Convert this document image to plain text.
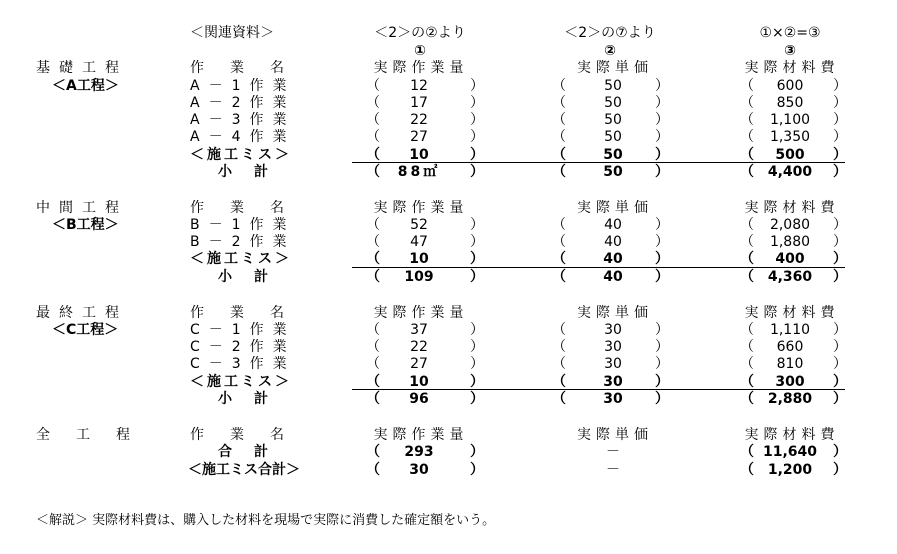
＜関連資料＞	＜2＞の②より	＜2＞の⑦より	①×②=③
①	②	③
基礎工程
＜A工程＞
作業名	実際作業量	実際単価	実際材料費
A－1作業	（	12	）	（	50	）	（	600	）
A－2作業	（	17	）	（	50	）	（	850	）
A－3作業	（	22	）	（	50	）	（	1,100	）
A－4作業	（	27	）	（	50	）	（	1,350	）
＜施工ミス＞	（	10	）	（	50	）	（	500	）
小計	（	88㎡	）	（	50	）	（ 4,400	）
中間工程
＜B工程＞
作業名	実際作業量	実際単価	実際材料費
B－1作業	（	52	）	（	40	）	（	2,080	）
B－2作業	（	47	）	（	40	）	（	1,880	）
＜施工ミス＞	（	10	）	（	40	）	（	400	）
小計	（	109	）	（	40	）	（ 4,360	）
最終工程
＜C工程＞
作業名	実際作業量	実際単価	実際材料費
C－1作業	（	37	）	（	30	）	（	1,110	）
C－2作業	（	22	）	（	30	）	（	660	）
C－3作業	（	27	）	（	30	）	（	810	）
＜施工ミス＞	（	10	）	（	30	）	（	300	）
小計	（	96	）	（	30	）	（ 2,880	）
全工程 作業名	実際作業量	実際単価	実際材料費
合計	（	293	）	－	（ 11,640	）
＜施工ミス合計＞	（	30	）	－	（ 1,200	）
＜解説＞ 実際材料費は、購入した材料を現場で実際に消費した確定額をいう。
